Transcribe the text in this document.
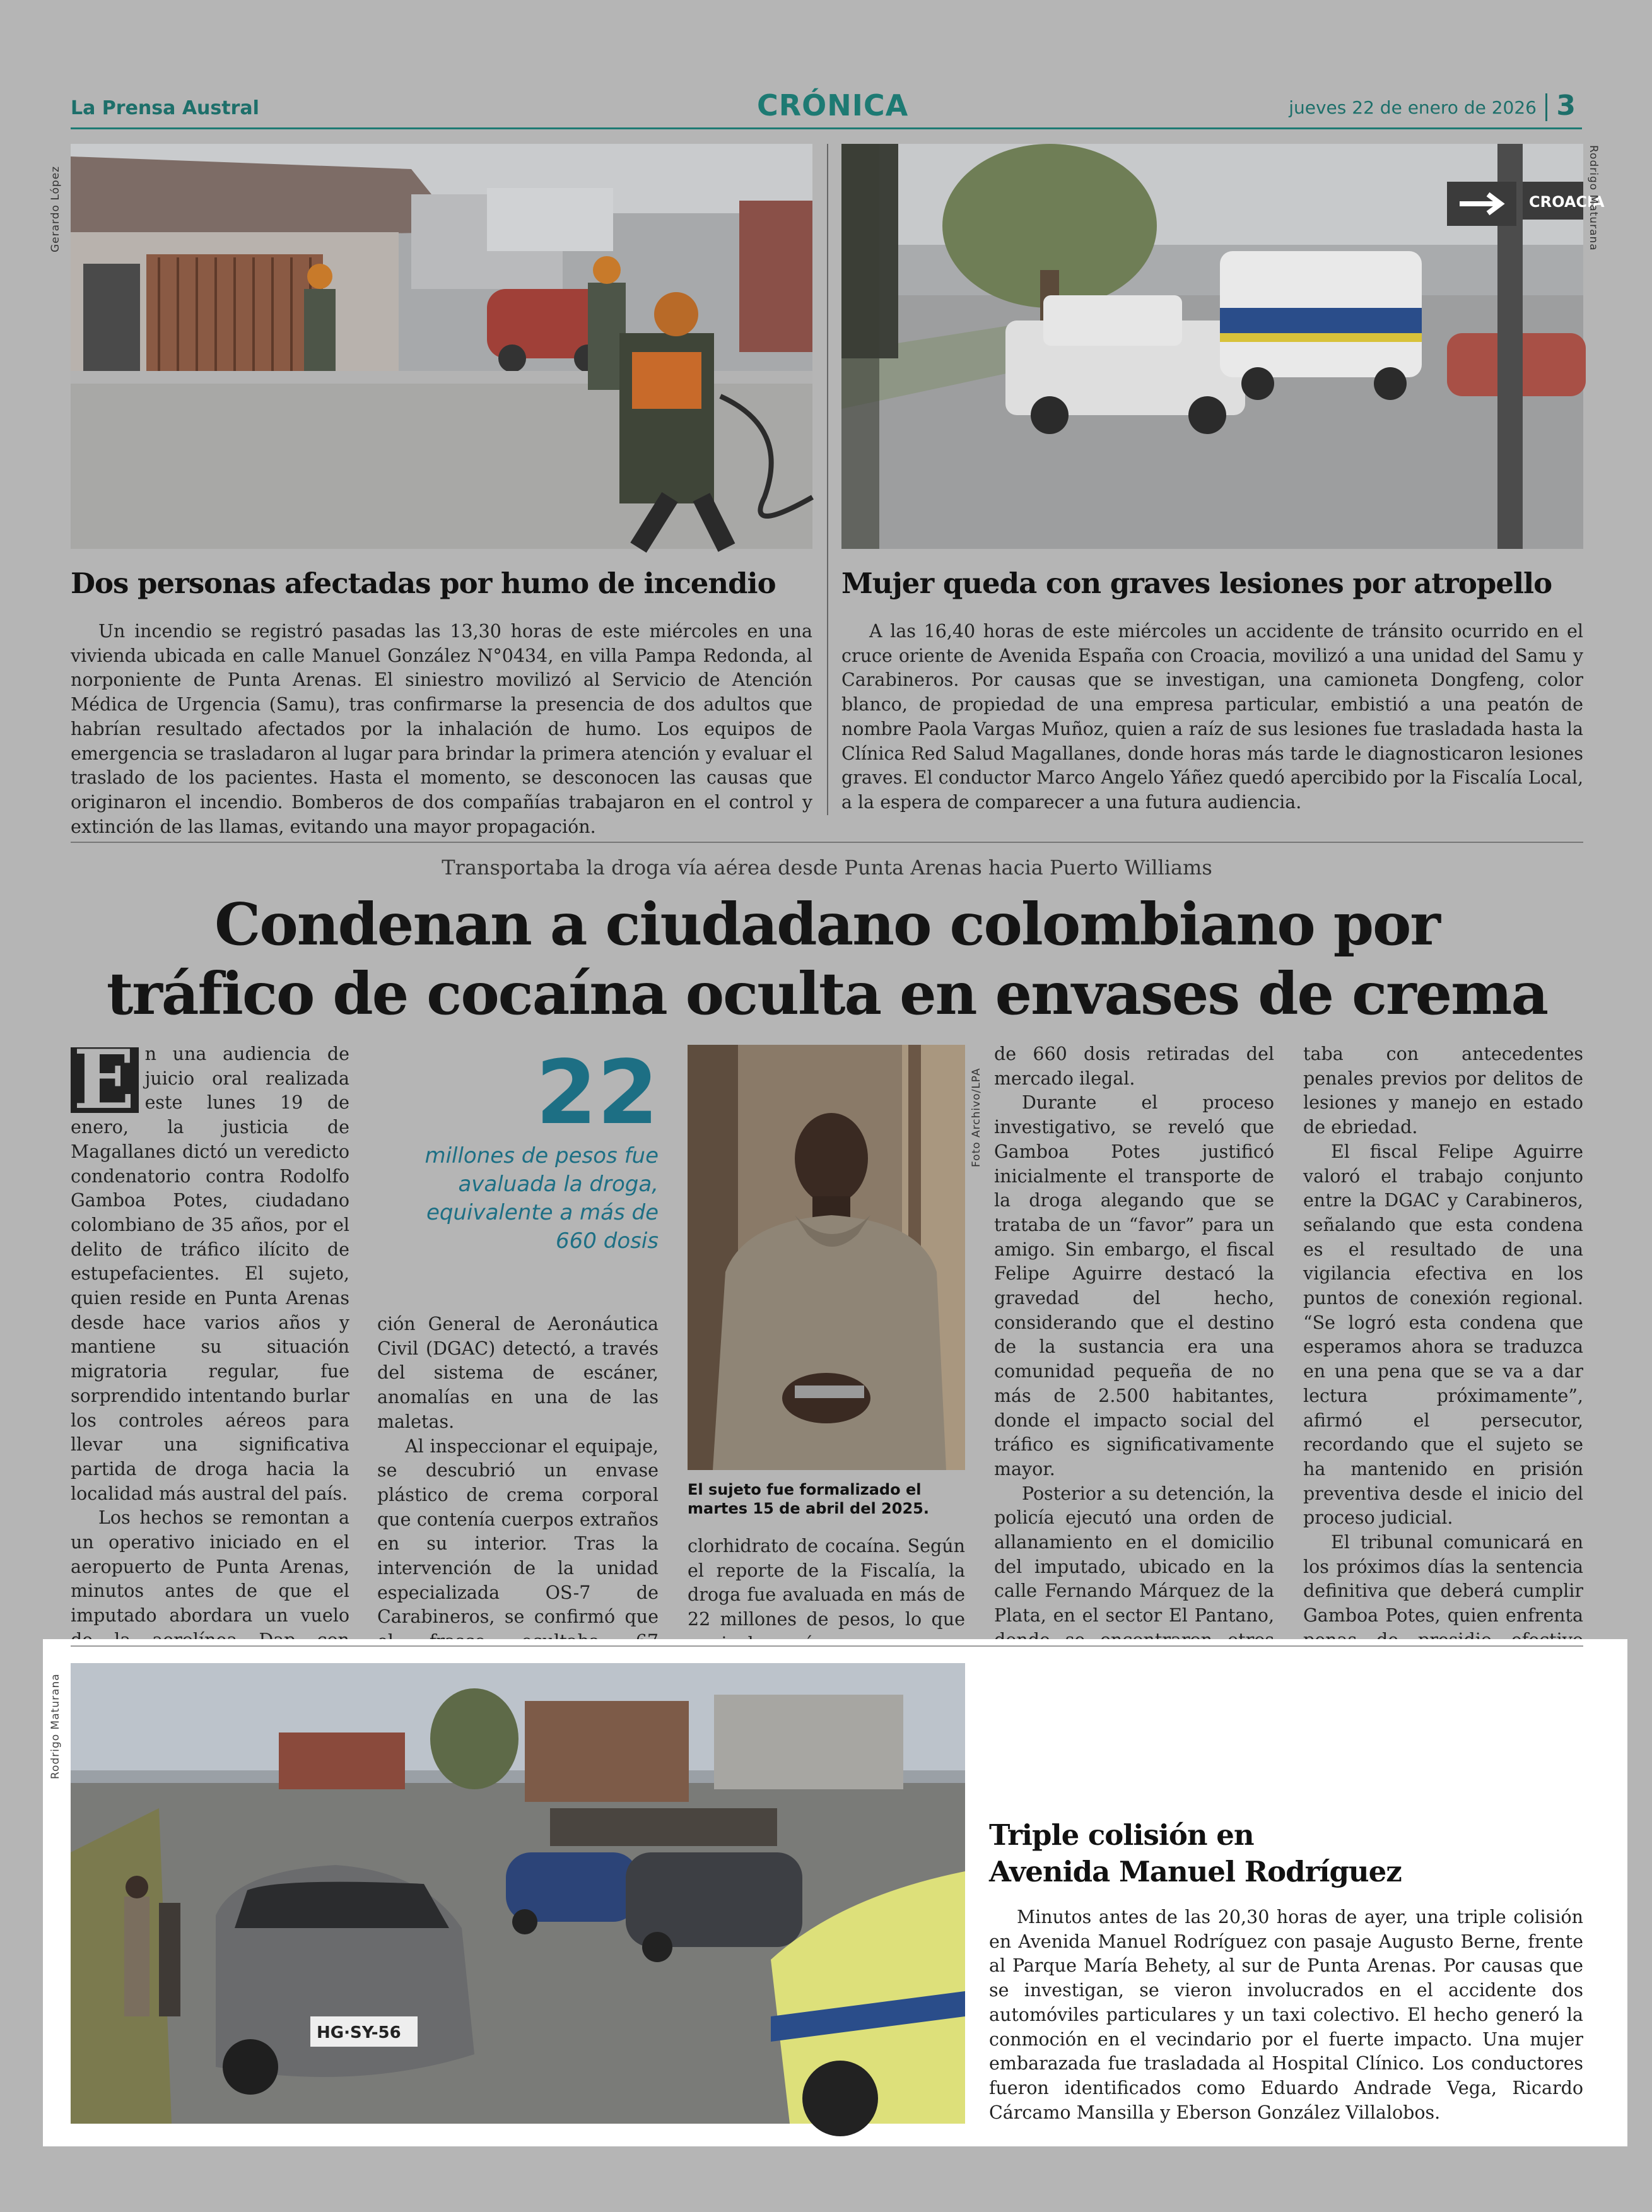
La Prensa Austral	CRÓNICA	jueves 22 de enero de 2026 3
Gerardo López
Dos personas afectadas por humo de incendio

Un incendio se registró pasadas las 13,30 horas de este miércoles en una vivienda ubicada en calle Manuel González N°0434, en villa Pampa Redonda, al norponiente de Punta Arenas. El siniestro movilizó al Servicio de Atención Médica de Urgencia (Samu), tras confirmarse la presencia de dos adultos que habrían resultado afectados por la inhalación de humo. Los equipos de emergencia se trasladaron al lugar para brindar la primera atención y evaluar el traslado de los pacientes. Hasta el momento, se desconocen las causas que originaron el incendio. Bomberos de dos compañías trabajaron en el control y extinción de las llamas, evitando una mayor propagación.

CROACIA
Rodrigo Maturana
Mujer queda con graves lesiones por atropello

A las 16,40 horas de este miércoles un accidente de tránsito ocurrido en el cruce oriente de Avenida España con Croacia, movilizó a una unidad del Samu y Carabineros. Por causas que se investigan, una camioneta Dongfeng, color blanco, de propiedad de una empresa particular, embistió a una peatón de nombre Paola Vargas Muñoz, quien a raíz de sus lesiones fue trasladada hasta la Clínica Red Salud Magallanes, donde horas más tarde le diagnosticaron lesiones graves. El conductor Marco Angelo Yáñez quedó apercibido por la Fiscalía Local, a la espera de comparecer a una futura audiencia.

Transportaba la droga vía aérea desde Punta Arenas hacia Puerto Williams
Condenan a ciudadano colombiano por
tráfico de cocaína oculta en envases de crema
E n una audiencia de juicio oral realizada este lunes 19 de enero, la justicia de Magallanes dictó un veredicto condenatorio contra Rodolfo Gamboa Potes, ciudadano colombiano de 35 años, por el delito de tráfico ilícito de estupefacientes. El sujeto, quien reside en Punta Arenas desde hace varios años y mantiene su situación migratoria regular, fue sorprendido intentando burlar los controles aéreos para llevar una significativa partida de droga hacia la localidad más austral del país.

Los hechos se remontan a un operativo iniciado en el aeropuerto de Punta Arenas, minutos antes de que el imputado abordara un vuelo

22
millones de pesos fue avaluada la droga, equivalente a más de 660 dosis

ción General de Aeronáutica Civil (DGAC) detectó, a través del sistema de escáner, anomalías en una de las maletas.

Al inspeccionar el equipaje, se descubrió un envase plástico de crema corporal que contenía cuerpos extraños en su interior. Tras la intervención de la unidad especializada OS-7 de Carabineros, se confirmó que

Foto Archivo/LPA
El sujeto fue formalizado el martes 15 de abril del 2025.

clorhidrato de cocaína. Según el reporte de la Fiscalía, la droga fue avaluada en más de 22 millones de pesos, lo que

de 660 dosis retiradas del mercado ilegal.

Durante el proceso investigativo, se reveló que Gamboa Potes justificó inicialmente el transporte de la droga alegando que se trataba de un “favor” para un amigo. Sin embargo, el fiscal Felipe Aguirre destacó la gravedad del hecho, considerando que el destino de la sustancia era una comunidad pequeña de no más de 2.500 habitantes, donde el impacto social del tráfico es significativamente mayor.

Posterior a su detención, la policía ejecutó una orden de allanamiento en el domicilio del imputado, ubicado en la calle Fernando Márquez de la Plata, en el sector El Pantano,

taba con antecedentes penales previos por delitos de lesiones y manejo en estado de ebriedad.

El fiscal Felipe Aguirre valoró el trabajo conjunto entre la DGAC y Carabineros, señalando que esta condena es el resultado de una vigilancia efectiva en los puntos de conexión regional. “Se logró esta condena que esperamos ahora se traduzca en una pena que se va a dar lectura próximamente”, afirmó el persecutor, recordando que el sujeto se ha mantenido en prisión preventiva desde el inicio del proceso judicial.

El tribunal comunicará en los próximos días la sentencia definitiva que deberá cumplir Gamboa Potes, quien enfrenta

Rodrigo Maturana
HG·SY-56
Triple colisión en
Avenida Manuel Rodríguez

Minutos antes de las 20,30 horas de ayer, una triple colisión en Avenida Manuel Rodríguez con pasaje Augusto Berne, frente al Parque María Behety, al sur de Punta Arenas. Por causas que se investigan, se vieron involucrados en el accidente dos automóviles particulares y un taxi colectivo. El hecho generó la conmoción en el vecindario por el fuerte impacto. Una mujer embarazada fue trasladada al Hospital Clínico. Los conductores fueron identificados como Eduardo Andrade Vega, Ricardo Cárcamo Mansilla y Eberson González Villalobos.
